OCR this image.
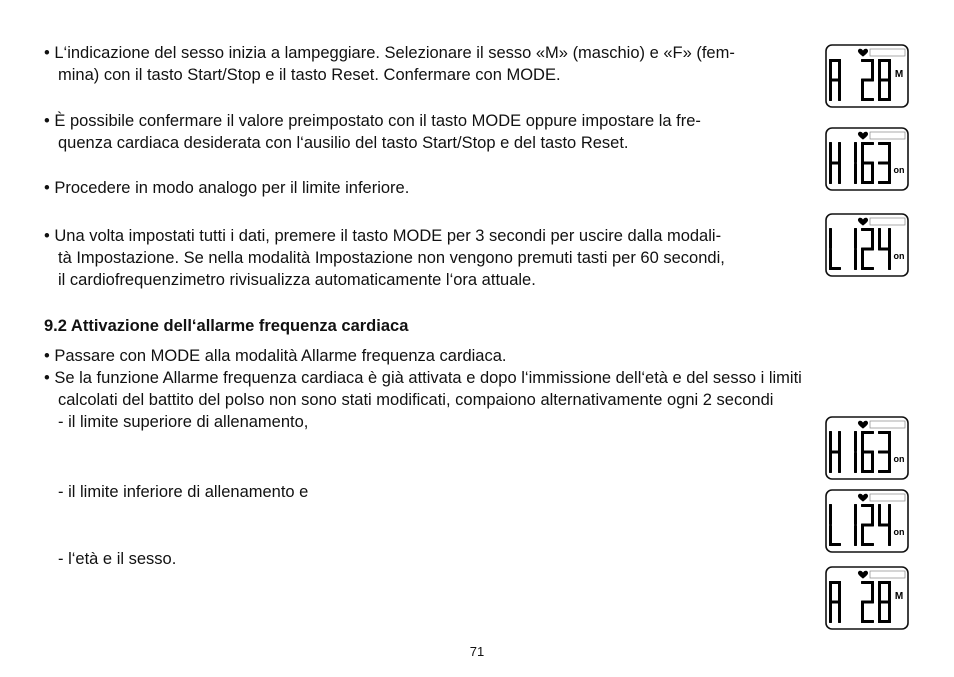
• L‘indicazione del sesso inizia a lampeggiare. Selezionare il sesso «M» (maschio) e «F» (fem-
mina) con il tasto Start/Stop e il tasto Reset. Confermare con MODE.
• È possibile confermare il valore preimpostato con il tasto MODE oppure impostare la fre-
quenza cardiaca desiderata con l‘ausilio del tasto Start/Stop e del tasto Reset.
• Procedere in modo analogo per il limite inferiore.
• Una volta impostati tutti i dati, premere il tasto MODE per 3 secondi per uscire dalla modali-
tà Impostazione. Se nella modalità Impostazione non vengono premuti tasti per 60 secondi,
il cardiofrequenzimetro rivisualizza automaticamente l‘ora attuale.
9.2 Attivazione dell‘allarme frequenza cardiaca
• Passare con MODE alla modalità Allarme frequenza cardiaca.
• Se la funzione Allarme frequenza cardiaca è già attivata e dopo l‘immissione dell‘età e del sesso i limiti
calcolati del battito del polso non sono stati modificati, compaiono alternativamente ogni 2 secondi
- il limite superiore di allenamento,
- il limite inferiore di allenamento e
- l‘età e il sesso.
M
on
on
on
on
M
71
